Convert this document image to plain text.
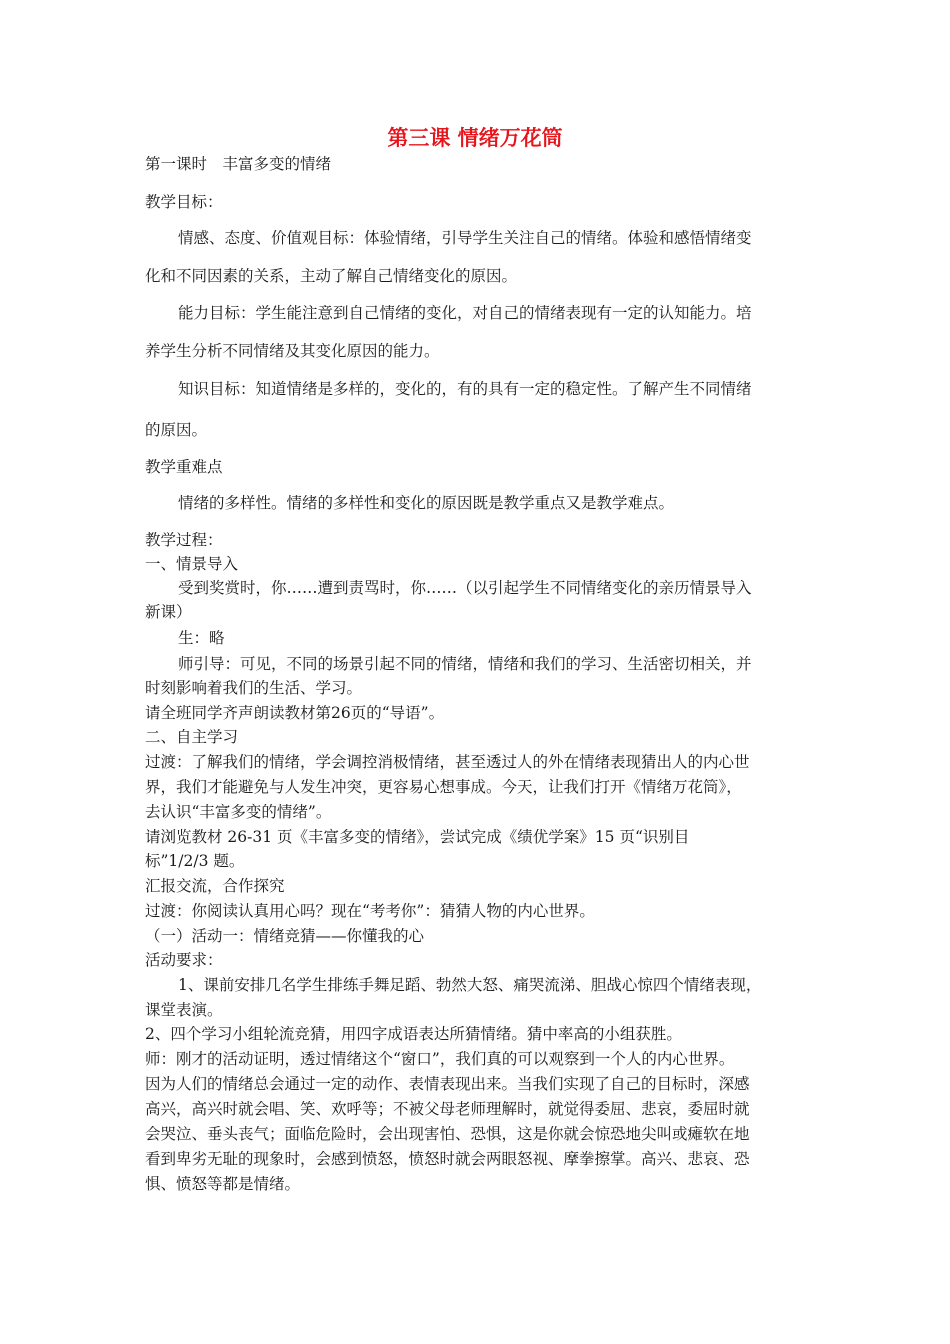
第三课 情绪万花筒
第一课时　丰富多变的情绪
教学目标：
情感、态度、价值观目标：体验情绪，引导学生关注自己的情绪。体验和感悟情绪变
化和不同因素的关系，主动了解自己情绪变化的原因。
能力目标：学生能注意到自己情绪的变化，对自己的情绪表现有一定的认知能力。培
养学生分析不同情绪及其变化原因的能力。
知识目标：知道情绪是多样的，变化的，有的具有一定的稳定性。了解产生不同情绪
的原因。
教学重难点
情绪的多样性。情绪的多样性和变化的原因既是教学重点又是教学难点。
教学过程：
一、情景导入
受到奖赏时，你……遭到责骂时，你……（以引起学生不同情绪变化的亲历情景导入
新课）
生：略
师引导：可见，不同的场景引起不同的情绪，情绪和我们的学习、生活密切相关，并
时刻影响着我们的生活、学习。
请全班同学齐声朗读教材第26页的“导语”。
二、自主学习
过渡：了解我们的情绪，学会调控消极情绪，甚至透过人的外在情绪表现猜出人的内心世
界，我们才能避免与人发生冲突，更容易心想事成。今天，让我们打开《情绪万花筒》，
去认识“丰富多变的情绪”。
请浏览教材 26-31 页《丰富多变的情绪》，尝试完成《绩优学案》15 页“识别目
标”1/2/3 题。
汇报交流，合作探究
过渡：你阅读认真用心吗？现在“考考你”：猜猜人物的内心世界。
（一）活动一：情绪竞猜——你懂我的心
活动要求：
1、课前安排几名学生排练手舞足蹈、勃然大怒、痛哭流涕、胆战心惊四个情绪表现，
课堂表演。
2、四个学习小组轮流竞猜，用四字成语表达所猜情绪。猜中率高的小组获胜。
师：刚才的活动证明，透过情绪这个“窗口”，我们真的可以观察到一个人的内心世界。
因为人们的情绪总会通过一定的动作、表情表现出来。当我们实现了自己的目标时，深感
高兴，高兴时就会唱、笑、欢呼等；不被父母老师理解时，就觉得委屈、悲哀，委屈时就
会哭泣、垂头丧气；面临危险时，会出现害怕、恐惧，这是你就会惊恐地尖叫或瘫软在地
看到卑劣无耻的现象时，会感到愤怒，愤怒时就会两眼怒视、摩拳擦掌。高兴、悲哀、恐
惧、愤怒等都是情绪。
